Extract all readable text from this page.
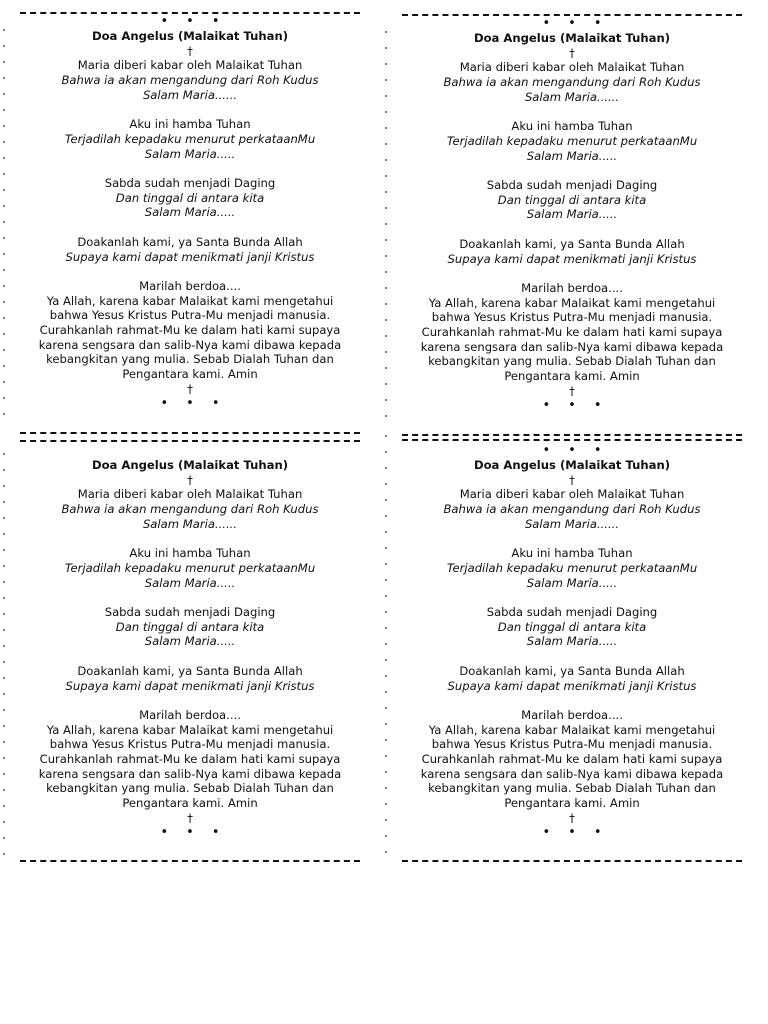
•••
Doa Angelus (Malaikat Tuhan)
†
Maria diberi kabar oleh Malaikat Tuhan
Bahwa ia akan mengandung dari Roh Kudus
Salam Maria......
Aku ini hamba Tuhan
Terjadilah kepadaku menurut perkataanMu
Salam Maria.....
Sabda sudah menjadi Daging
Dan tinggal di antara kita
Salam Maria.....
Doakanlah kami, ya Santa Bunda Allah
Supaya kami dapat menikmati janji Kristus
Marilah berdoa....
Ya Allah, karena kabar Malaikat kami mengetahui
bahwa Yesus Kristus Putra-Mu menjadi manusia.
Curahkanlah rahmat-Mu ke dalam hati kami supaya
karena sengsara dan salib-Nya kami dibawa kepada
kebangkitan yang mulia. Sebab Dialah Tuhan dan
Pengantara kami. Amin
†
•••
•••
Doa Angelus (Malaikat Tuhan)
†
Maria diberi kabar oleh Malaikat Tuhan
Bahwa ia akan mengandung dari Roh Kudus
Salam Maria......
Aku ini hamba Tuhan
Terjadilah kepadaku menurut perkataanMu
Salam Maria.....
Sabda sudah menjadi Daging
Dan tinggal di antara kita
Salam Maria.....
Doakanlah kami, ya Santa Bunda Allah
Supaya kami dapat menikmati janji Kristus
Marilah berdoa....
Ya Allah, karena kabar Malaikat kami mengetahui
bahwa Yesus Kristus Putra-Mu menjadi manusia.
Curahkanlah rahmat-Mu ke dalam hati kami supaya
karena sengsara dan salib-Nya kami dibawa kepada
kebangkitan yang mulia. Sebab Dialah Tuhan dan
Pengantara kami. Amin
†
•••
Doa Angelus (Malaikat Tuhan)
†
Maria diberi kabar oleh Malaikat Tuhan
Bahwa ia akan mengandung dari Roh Kudus
Salam Maria......
Aku ini hamba Tuhan
Terjadilah kepadaku menurut perkataanMu
Salam Maria.....
Sabda sudah menjadi Daging
Dan tinggal di antara kita
Salam Maria.....
Doakanlah kami, ya Santa Bunda Allah
Supaya kami dapat menikmati janji Kristus
Marilah berdoa....
Ya Allah, karena kabar Malaikat kami mengetahui
bahwa Yesus Kristus Putra-Mu menjadi manusia.
Curahkanlah rahmat-Mu ke dalam hati kami supaya
karena sengsara dan salib-Nya kami dibawa kepada
kebangkitan yang mulia. Sebab Dialah Tuhan dan
Pengantara kami. Amin
†
•••
•••
Doa Angelus (Malaikat Tuhan)
†
Maria diberi kabar oleh Malaikat Tuhan
Bahwa ia akan mengandung dari Roh Kudus
Salam Maria......
Aku ini hamba Tuhan
Terjadilah kepadaku menurut perkataanMu
Salam Maria.....
Sabda sudah menjadi Daging
Dan tinggal di antara kita
Salam Maria.....
Doakanlah kami, ya Santa Bunda Allah
Supaya kami dapat menikmati janji Kristus
Marilah berdoa....
Ya Allah, karena kabar Malaikat kami mengetahui
bahwa Yesus Kristus Putra-Mu menjadi manusia.
Curahkanlah rahmat-Mu ke dalam hati kami supaya
karena sengsara dan salib-Nya kami dibawa kepada
kebangkitan yang mulia. Sebab Dialah Tuhan dan
Pengantara kami. Amin
†
•••
